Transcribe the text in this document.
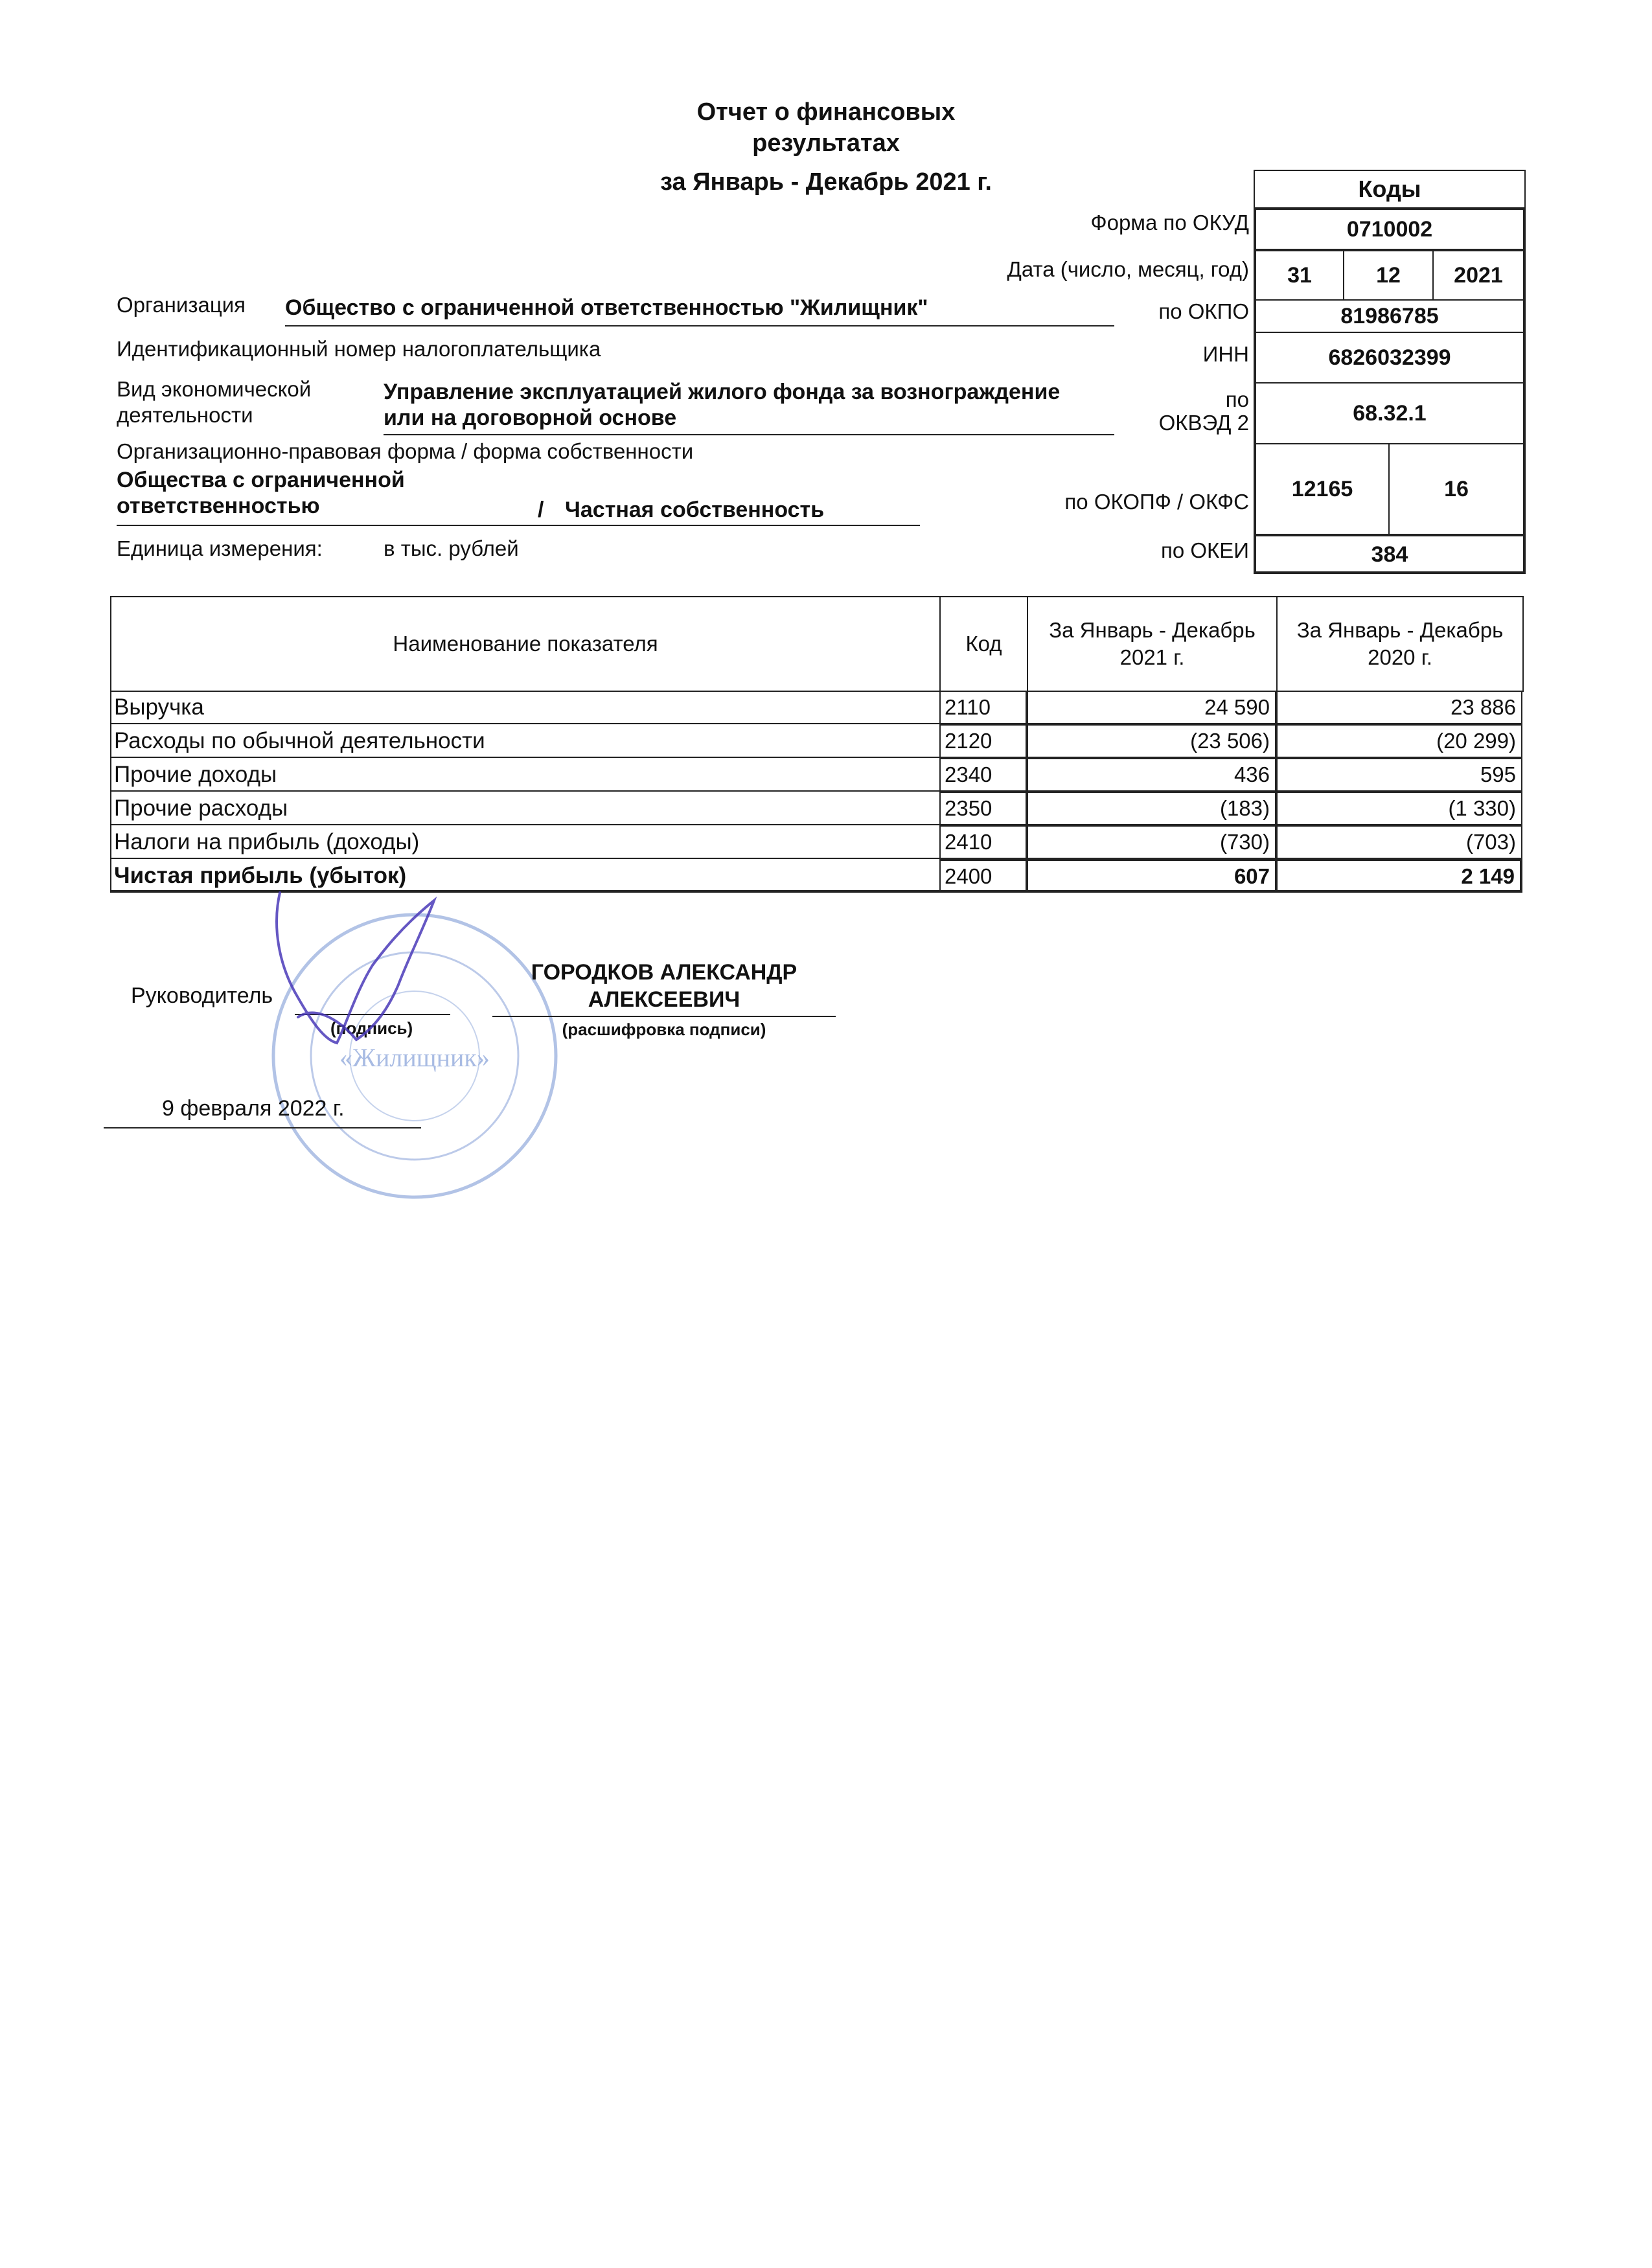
Отчет о финансовых
результатах
за Январь - Декабрь 2021 г.	Коды
Форма по ОКУД	0710002
Дата (число, месяц, год)	31	12	2021
по ОКПО	81986785
ИНН	6826032399
по
ОКВЭД 2	68.32.1
по ОКОПФ / ОКФС
12165	16
по ОКЕИ	384
Организация Общество с ограниченной ответственностью "Жилищник"
Идентификационный номер налогоплательщика
Вид экономической
деятельности
Управление эксплуатацией жилого фонда за вознограждение
или на договорной основе
Организационно-правовая форма / форма собственности
Общества с ограниченной
ответственностью	/ Частная собственность
Единица измерения:	в тыс. рублей
Наименование показателя	Код
За Январь - Декабрь
2021 г.
За Январь - Декабрь
2020 г.
Выручка	2110	24 590	23 886
Расходы по обычной деятельности	2120	(23 506)	(20 299)
Прочие доходы	2340	436	595
Прочие расходы	2350	(183)	(1 330)
Налоги на прибыль (доходы)	2410	(730)	(703)
Чистая прибыль (убыток)	2400	607	2 149
«Жилищник»
Руководитель
(подпись)
ГОРОДКОВ АЛЕКСАНДР
АЛЕКСЕЕВИЧ
(расшифровка подписи)
9 февраля 2022 г.
